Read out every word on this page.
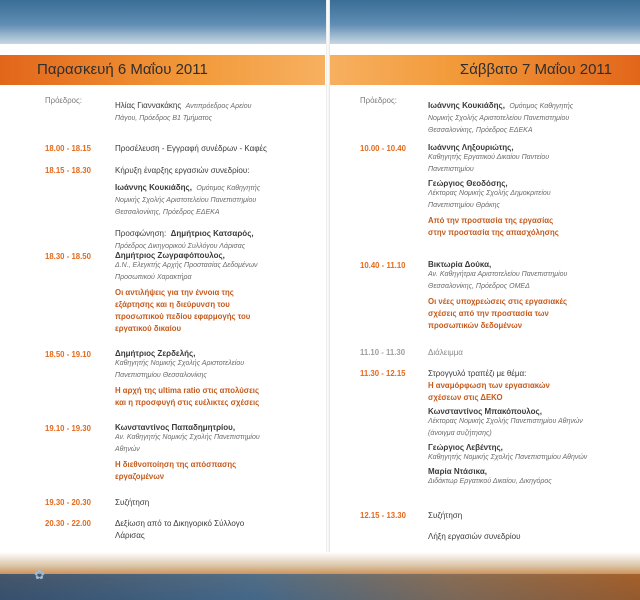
Παρασκευή 6 Μαΐου 2011	Σάββατο 7 Μαΐου 2011
Πρόεδρος:
Ηλίας Γιαννακάκης Αντιπρόεδρος Αρείου
Πάγου, Πρόεδρος Β1 Τμήματος
18.00 - 18.15	Προσέλευση - Εγγραφή συνέδρων - Καφές
18.15 - 18.30	Κήρυξη έναρξης εργασιών συνεδρίου:
Ιωάννης Κουκιάδης, Ομότιμος Καθηγητής
Νομικής Σχολής Αριστοτελείου Πανεπιστημίου
Θεσσαλονίκης, Πρόεδρος ΕΔΕΚΑ
Προσφώνηση: Δημήτριος Κατσαρός,
Πρόεδρος Δικηγορικού Συλλόγου Λάρισας
18.30 - 18.50	Δημήτριος Ζωγραφόπουλος,
Δ.Ν., Ελεγκτής Αρχής Προστασίας Δεδομένων
Προσωπικού Χαρακτήρα
Οι αντιλήψεις για την έννοια της
εξάρτησης και η διεύρυνση του
προσωπικού πεδίου εφαρμογής του
εργατικού δικαίου
18.50 - 19.10	Δημήτριος Ζερδελής,
Καθηγητής Νομικής Σχολής Αριστοτελείου
Πανεπιστημίου Θεσσαλονίκης
Η αρχή της ultima ratio στις απολύσεις
και η προσφυγή στις ευέλικτες σχέσεις
19.10 - 19.30	Κωνσταντίνος Παπαδημητρίου,
Αν. Καθηγητής Νομικής Σχολής Πανεπιστημίου
Αθηνών
Η διεθνοποίηση της απόσπασης
εργαζομένων
19.30 - 20.30	Συζήτηση
20.30 - 22.00	Δεξίωση από το Δικηγορικό Σύλλογο
Λάρισας
Πρόεδρος:
Ιωάννης Κουκιάδης, Ομότιμος Καθηγητής
Νομικής Σχολής Αριστοτελείου Πανεπιστημίου
Θεσσαλονίκης, Πρόεδρος ΕΔΕΚΑ
10.00 - 10.40	Ιωάννης Ληξουριώτης,
Καθηγητής Εργατικού Δικαίου Παντείου
Πανεπιστημίου
Γεώργιος Θεοδόσης,
Λέκτορας Νομικής Σχολής Δημοκριτείου
Πανεπιστημίου Θράκης
Από την προστασία της εργασίας
στην προστασία της απασχόλησης
10.40 - 11.10	Βικτωρία Δούκα,
Αν. Καθηγήτρια Αριστοτελείου Πανεπιστημίου
Θεσσαλονίκης, Πρόεδρος ΟΜΕΔ
Οι νέες υποχρεώσεις στις εργασιακές
σχέσεις από την προστασία των
προσωπικών δεδομένων
11.10 - 11.30	Διάλειμμα
11.30 - 12.15	Στρογγυλό τραπέζι με θέμα:
Η αναμόρφωση των εργασιακών
σχέσεων στις ΔΕΚΟ
Κωνσταντίνος Μπακόπουλος,
Λέκτορας Νομικής Σχολής Πανεπιστημίου Αθηνών
(άνοιγμα συζήτησης)
Γεώργιος Λεβέντης,
Καθηγητής Νομικής Σχολής Πανεπιστημίου Αθηνών
Μαρία Ντάσικα,
Διδάκτωρ Εργατικού Δικαίου, Δικηγόρος
12.15 - 13.30	Συζήτηση
Λήξη εργασιών συνεδρίου
✿
